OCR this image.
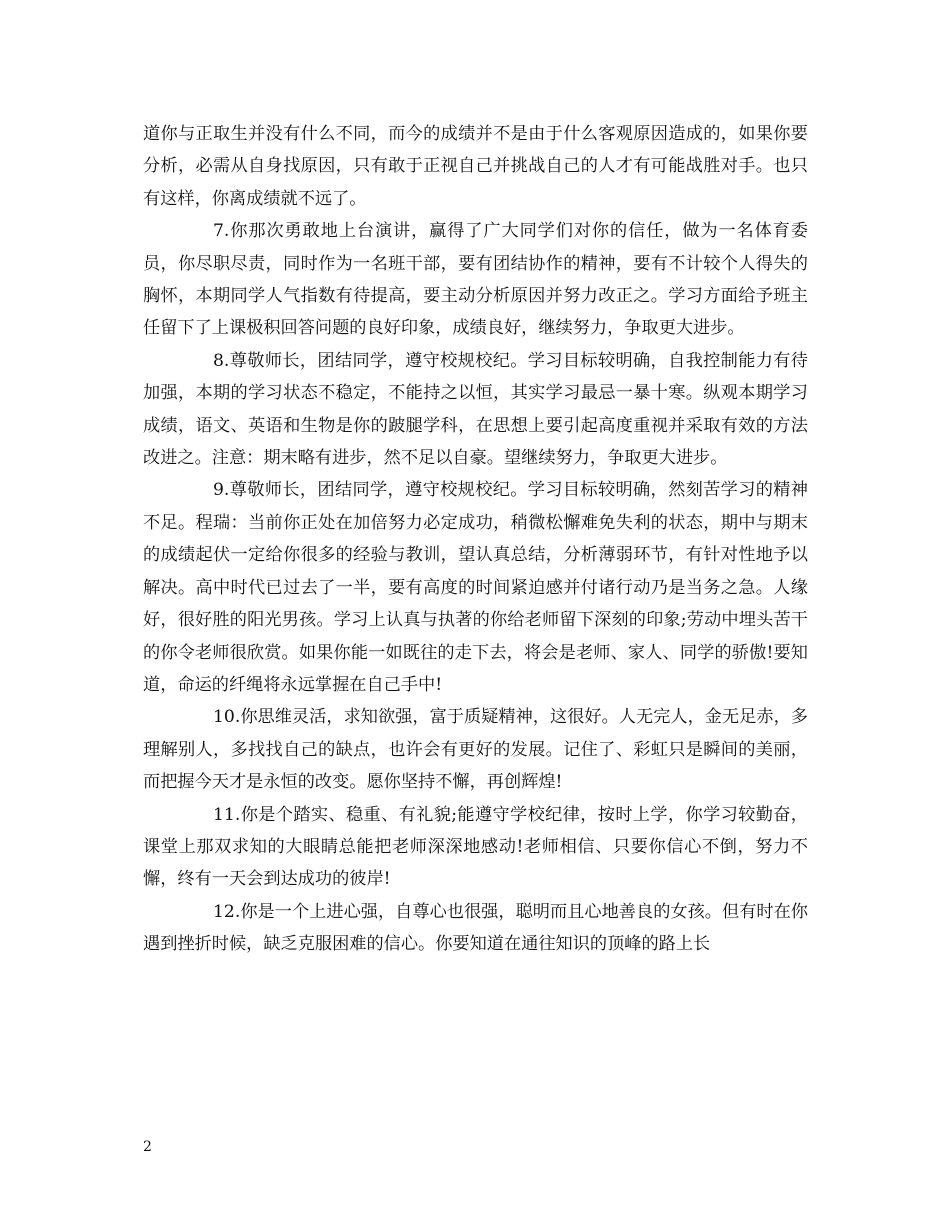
道你与正取生并没有什么不同，而今的成绩并不是由于什么客观原因造成的，如果你要分析，必需从自身找原因，只有敢于正视自己并挑战自己的人才有可能战胜对手。也只有这样，你离成绩就不远了。

7.你那次勇敢地上台演讲，赢得了广大同学们对你的信任，做为一名体育委员，你尽职尽责，同时作为一名班干部，要有团结协作的精神，要有不计较个人得失的胸怀，本期同学人气指数有待提高，要主动分析原因并努力改正之。学习方面给予班主任留下了上课极积回答问题的良好印象，成绩良好，继续努力，争取更大进步。

8.尊敬师长，团结同学，遵守校规校纪。学习目标较明确，自我控制能力有待加强，本期的学习状态不稳定，不能持之以恒，其实学习最忌一暴十寒。纵观本期学习成绩，语文、英语和生物是你的跛腿学科，在思想上要引起高度重视并采取有效的方法改进之。注意：期末略有进步，然不足以自豪。望继续努力，争取更大进步。

9.尊敬师长，团结同学，遵守校规校纪。学习目标较明确，然刻苦学习的精神不足。程瑞：当前你正处在加倍努力必定成功，稍微松懈难免失利的状态，期中与期末的成绩起伏一定给你很多的经验与教训，望认真总结，分析薄弱环节，有针对性地予以解决。高中时代已过去了一半，要有高度的时间紧迫感并付诸行动乃是当务之急。人缘好，很好胜的阳光男孩。学习上认真与执著的你给老师留下深刻的印象;劳动中埋头苦干的你令老师很欣赏。如果你能一如既往的走下去，将会是老师、家人、同学的骄傲!要知道，命运的纤绳将永远掌握在自己手中!

10.你思维灵活，求知欲强，富于质疑精神，这很好。人无完人，金无足赤，多理解别人，多找找自己的缺点，也许会有更好的发展。记住了、彩虹只是瞬间的美丽，而把握今天才是永恒的改变。愿你坚持不懈，再创辉煌!

11.你是个踏实、稳重、有礼貌;能遵守学校纪律，按时上学，你学习较勤奋，课堂上那双求知的大眼睛总能把老师深深地感动!老师相信、只要你信心不倒，努力不懈，终有一天会到达成功的彼岸!

12.你是一个上进心强，自尊心也很强，聪明而且心地善良的女孩。但有时在你遇到挫折时候，缺乏克服困难的信心。你要知道在通往知识的顶峰的路上长

2
